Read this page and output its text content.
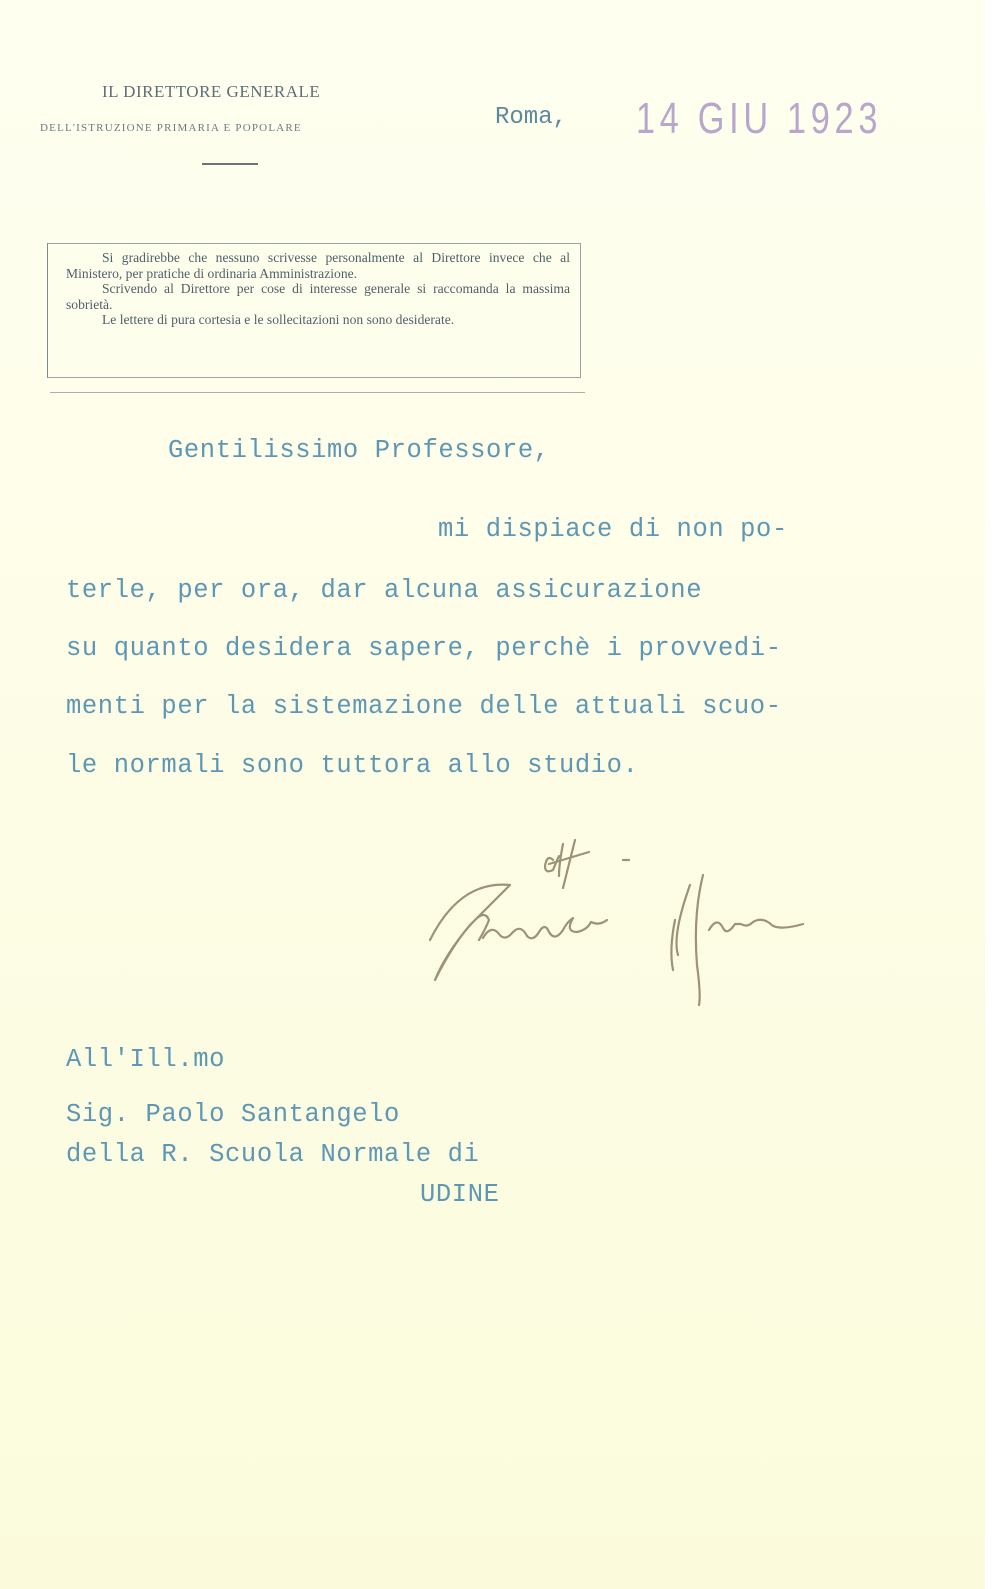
IL DIRETTORE GENERALE
DELL'ISTRUZIONE PRIMARIA E POPOLARE	Roma, 14 GIU 1923

Si gradirebbe che nessuno scrivesse personalmente al Direttore invece che al Ministero, per pratiche di ordinaria Amministrazione.

Scrivendo al Direttore per cose di interesse generale si raccomanda la massima sobrietà.

Le lettere di pura cortesia e le sollecitazioni non sono desiderate.

Gentilissimo Professore,
mi dispiace di non po-
terle, per ora, dar alcuna assicurazione
su quanto desidera sapere, perchè i provvedi-
menti per la sistemazione delle attuali scuo-
le normali sono tuttora allo studio.
All'Ill.mo
Sig. Paolo Santangelo
della R. Scuola Normale di
UDINE
